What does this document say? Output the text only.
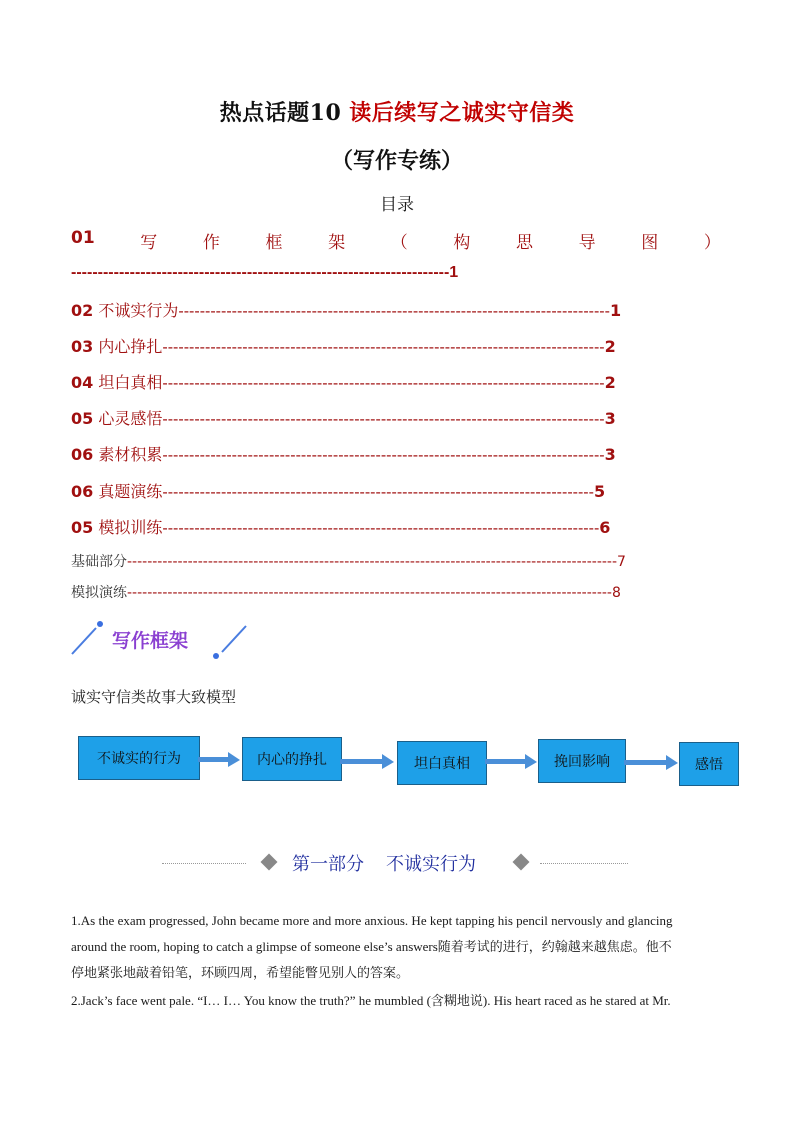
热点话题10 读后续写之诚实守信类
（写作专练）
目录
01	写	作	框	架	（	构	思	导	图	）
-----------------------------------------------------------------------1
02 不诚实行为---------------------------------------------------------------------------------1
03 内心挣扎-----------------------------------------------------------------------------------2
04 坦白真相-----------------------------------------------------------------------------------2
05 心灵感悟-----------------------------------------------------------------------------------3
06 素材积累-----------------------------------------------------------------------------------3
06 真题演练---------------------------------------------------------------------------------5
05 模拟训练----------------------------------------------------------------------------------6
基础部分-------------------------------------------------------------------------------------------------7
模拟演练------------------------------------------------------------------------------------------------8
写作框架
诚实守信类故事大致模型
不诚实的行为	内心的挣扎	坦白真相	挽回影响	感悟
第一部分 不诚实行为
1.As the exam progressed, John became more and more anxious. He kept tapping his pencil nervously and glancing
around the room, hoping to catch a glimpse of someone else’s answers随着考试的进行，约翰越来越焦虑。他不
停地紧张地敲着铅笔，环顾四周，希望能瞥见别人的答案。
2.Jack’s face went pale. “I… I… You know the truth?” he mumbled (含糊地说). His heart raced as he stared at Mr.
